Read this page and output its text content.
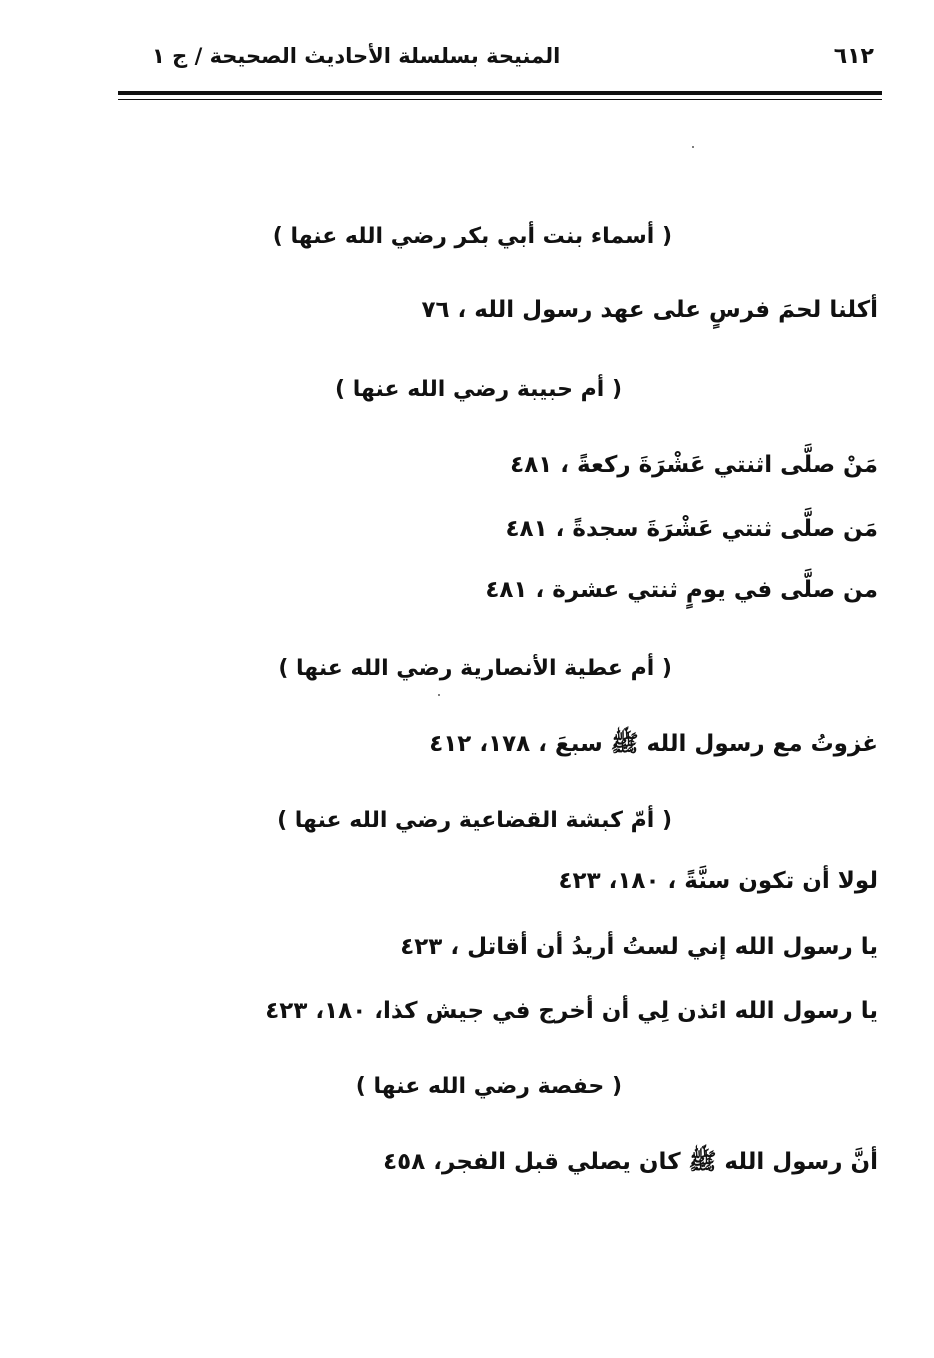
٦١٢
المنيحة بسلسلة الأحاديث الصحيحة / ج ١
( أسماء بنت أبي بكر رضي الله عنها )
أكلنا لحمَ فرسٍ على عهد رسول الله ، ٧٦
( أم حبيبة رضي الله عنها )
مَنْ صلَّى اثنتي عَشْرَةَ ركعةً ، ٤٨١
مَن صلَّى ثنتي عَشْرَةَ سجدةً ، ٤٨١
من صلَّى في يومٍ ثنتي عشرة ، ٤٨١
( أم عطية الأنصارية رضي الله عنها )
غزوتُ مع رسول الله ﷺ سبعَ ، ١٧٨، ٤١٢
( أمّ كبشة القضاعية رضي الله عنها )
لولا أن تكون سنَّةً ، ١٨٠، ٤٢٣
يا رسول الله إني لستُ أريدُ أن أقاتل ، ٤٢٣
يا رسول الله ائذن لِي أن أخرج في جيش كذا، ١٨٠، ٤٢٣
( حفصة رضي الله عنها )
أنَّ رسول الله ﷺ كان يصلي قبل الفجر، ٤٥٨
